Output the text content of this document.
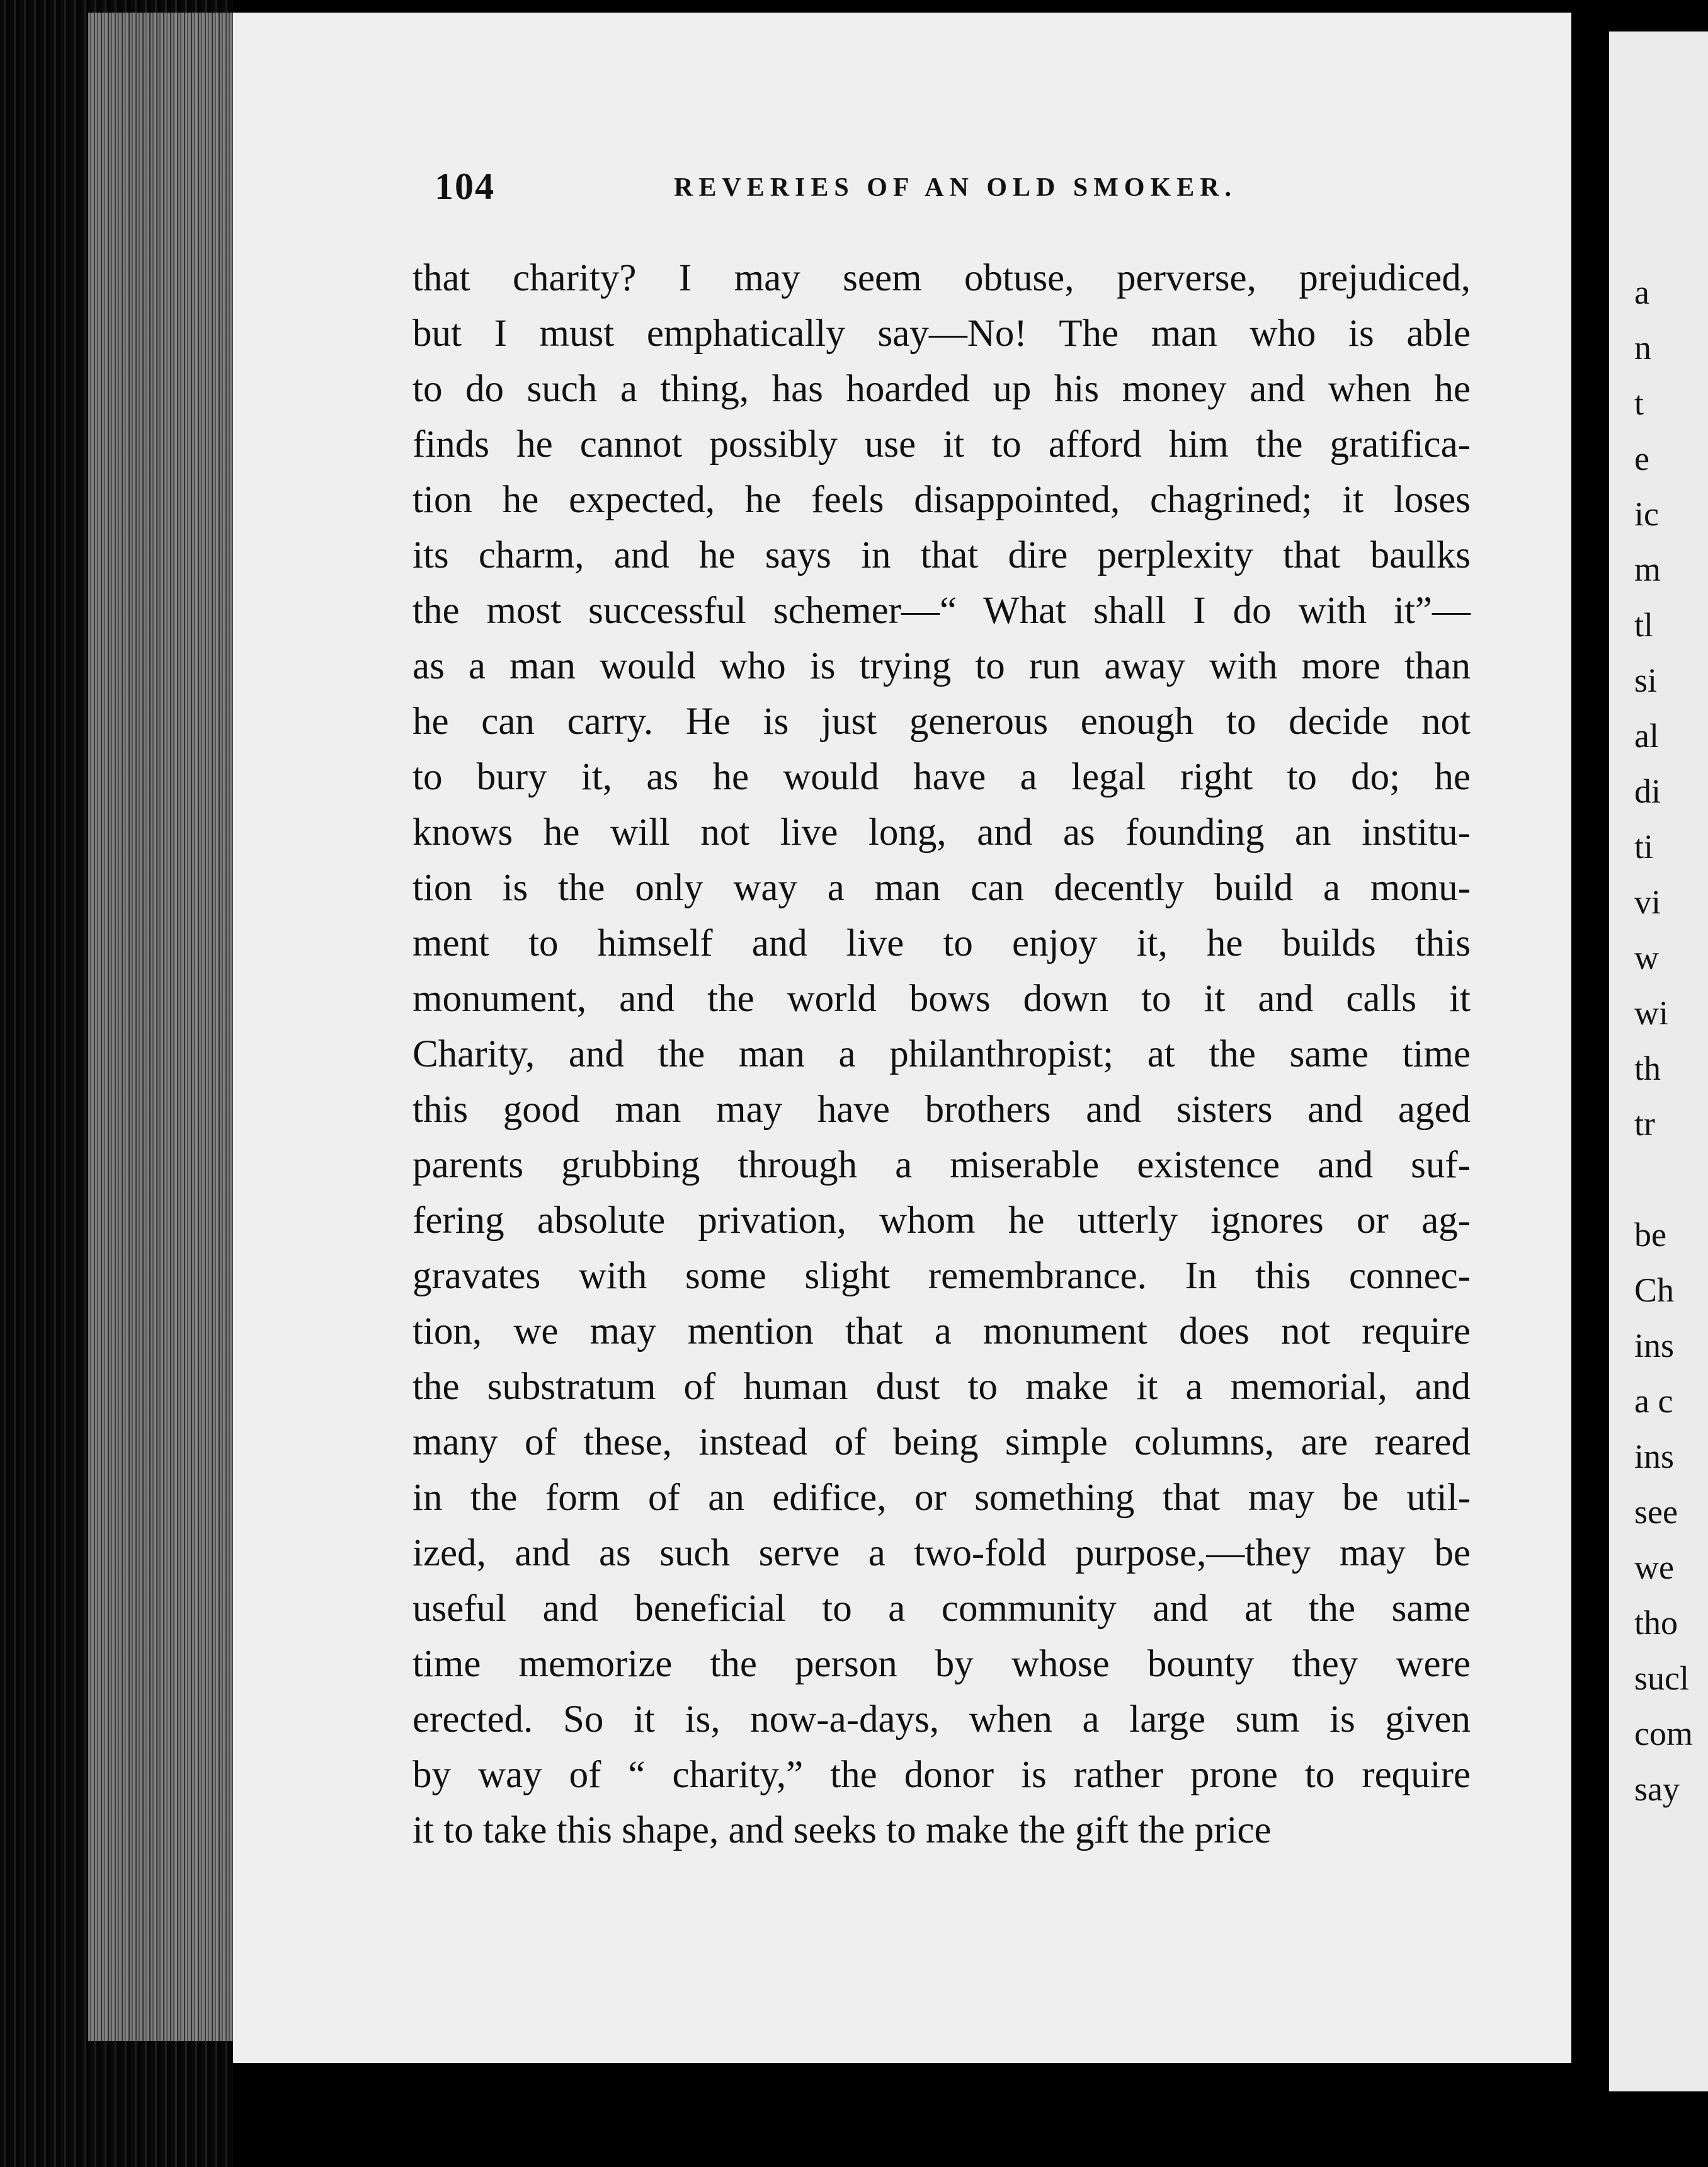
104	REVERIES OF AN OLD SMOKER.
that charity? I may seem obtuse, perverse, prejudiced,
but I must emphatically say—No! The man who is able
to do such a thing, has hoarded up his money and when he
finds he cannot possibly use it to afford him the gratifica-
tion he expected, he feels disappointed, chagrined; it loses
its charm, and he says in that dire perplexity that baulks
the most successful schemer—“ What shall I do with it”—
as a man would who is trying to run away with more than
he can carry. He is just generous enough to decide not
to bury it, as he would have a legal right to do; he
knows he will not live long, and as founding an institu-
tion is the only way a man can decently build a monu-
ment to himself and live to enjoy it, he builds this
monument, and the world bows down to it and calls it
Charity, and the man a philanthropist; at the same time
this good man may have brothers and sisters and aged
parents grubbing through a miserable existence and suf-
fering absolute privation, whom he utterly ignores or ag-
gravates with some slight remembrance. In this connec-
tion, we may mention that a monument does not require
the substratum of human dust to make it a memorial, and
many of these, instead of being simple columns, are reared
in the form of an edifice, or something that may be util-
ized, and as such serve a two-fold purpose,—they may be
useful and beneficial to a community and at the same
time memorize the person by whose bounty they were
erected. So it is, now-a-days, when a large sum is given
by way of “ charity,” the donor is rather prone to require
it to take this shape, and seeks to make the gift the price
a
n
t
e
ic
m
tl
si
al
di
ti
vi
w
wi
th
tr
be
Ch
ins
a c
ins
see
we
tho
sucl
com
say
